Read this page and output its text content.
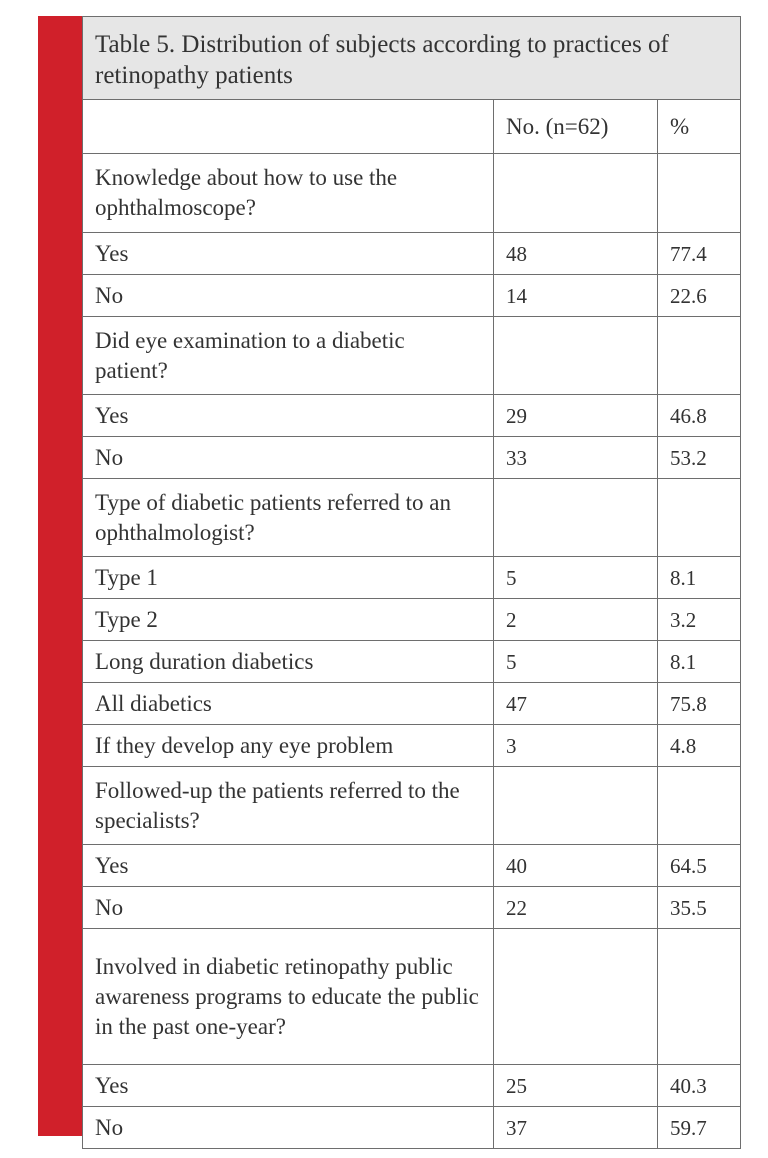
Table 5. Distribution of subjects according to practices of retinopathy patients		
	No. (n=62)	%
Knowledge about how to use the ophthalmoscope?		
Yes	48	77.4
No	14	22.6
Did eye examination to a diabetic patient?		
Yes	29	46.8
No	33	53.2
Type of diabetic patients referred to an ophthalmologist?		
Type 1	5	8.1
Type 2	2	3.2
Long duration diabetics	5	8.1
All diabetics	47	75.8
If they develop any eye problem	3	4.8
Followed-up the patients referred to the specialists?		
Yes	40	64.5
No	22	35.5
Involved in diabetic retinopathy public awareness programs to educate the public in the past one-year?		
Yes	25	40.3
No	37	59.7
